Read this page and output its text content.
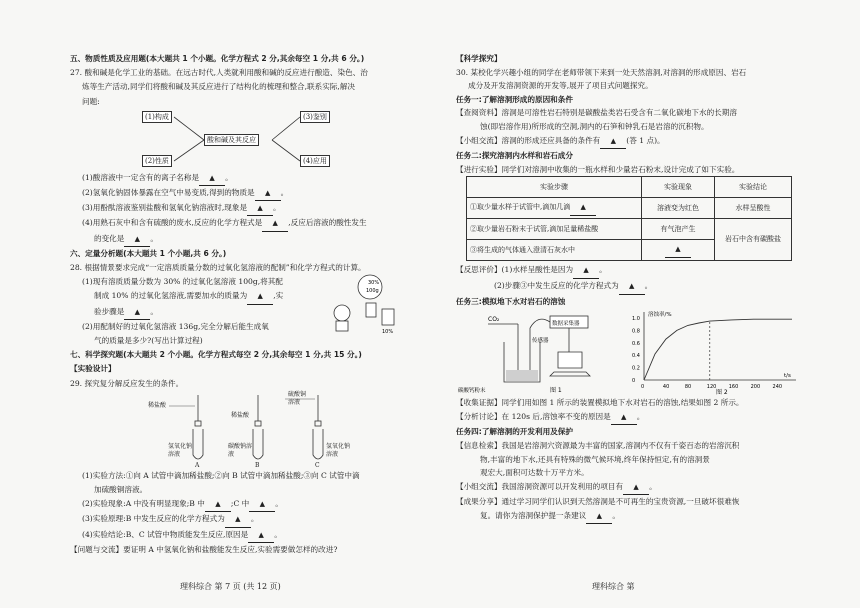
五、物质性质及应用题(本大题共 1 个小题。化学方程式 2 分,其余每空 1 分,共 6 分。)
27. 酸和碱是化学工业的基础。在远古时代,人类就利用酸和碱的反应进行酿造、染色、治
炼等生产活动,同学们将酸和碱及其反应进行了结构化的梳理和整合,联系实际,解决
问题:
(1)构成
(2)性质
酸和碱及其反应
(3)鉴别
(4)应用
(1)酸溶液中一定含有的离子名称是 ▲ 。
(2)氢氧化钠固体暴露在空气中易变质,得到的物质是 ▲ 。
(3)用酚酞溶液鉴别盐酸和氢氧化钠溶液时,现象是 ▲ 。
(4)用熟石灰中和含有硫酸的废水,反应的化学方程式是 ▲ ,反应后溶液的酸性发生
的变化是 ▲ 。
六、定量分析题(本大题共 1 个小题,共 6 分。)
28. 根据情景要求完成“一定溶质质量分数的过氧化氢溶液的配制”和化学方程式的计算。
(1)现有溶质质量分数为 30% 的过氧化氢溶液 100g,将其配
制成 10% 的过氧化氢溶液,需要加水的质量为 ▲ ,实
验步骤是 ▲ 。
(2)用配制好的过氧化氢溶液 136g,完全分解后能生成氧
气的质量是多少?(写出计算过程)
30%
100g
10%
七、科学探究题(本大题共 2 个小题。化学方程式每空 2 分,其余每空 1 分,共 15 分。)
【实验设计】
29. 探究复分解反应发生的条件。
稀盐酸
稀盐酸
硫酸铜溶液
氢氧化钠溶液
碳酸钠溶液
氢氧化钠溶液
A	B	C
(1)实验方法:①向 A 试管中滴加稀盐酸;②向 B 试管中滴加稀盐酸;③向 C 试管中滴
加硫酸铜溶液。
(2)实验现象:A 中没有明显现象;B 中 ▲ ;C 中 ▲ 。
(3)实验原理:B 中发生反应的化学方程式为 ▲ 。
(4)实验结论:B、C 试管中物质能发生反应,原因是 ▲ 。
【问题与交流】要证明 A 中氢氧化钠和盐酸能发生反应,实验需要做怎样的改进?
理科综合 第 7 页 (共 12 页)
【科学探究】
30. 某校化学兴趣小组的同学在老师带领下来到一处天然溶洞,对溶洞的形成原因、岩石
成分及开发溶洞资源的开发等,展开了项目式问题探究。
任务一:了解溶洞形成的原因和条件
【查阅资料】溶洞是可溶性岩石特别是碳酸盐类岩石受含有二氧化碳地下水的长期溶
蚀(即岩溶作用)所形成的空洞,洞内的石笋和钟乳石是岩溶的沉积物。
【小组交流】溶洞的形成还应具备的条件有 ▲ (答 1 点)。
任务二:探究溶洞内水样和岩石成分
【进行实验】同学们对溶洞中收集的一瓶水样和少量岩石粉末,设计完成了如下实验。
实验步骤	实验现象	实验结论
①取少量水样于试管中,滴加几滴 ▲	溶液变为红色	水样呈酸性
②取少量岩石粉末于试管,滴加足量稀盐酸	有气泡产生	岩石中含有碳酸盐
③将生成的气体通入澄清石灰水中	▲	
【反思评价】(1)水样呈酸性是因为 ▲ 。
(2)步骤③中发生反应的化学方程式为 ▲ 。
任务三:模拟地下水对岩石的溶蚀
CO₂
传感器
数据采集器
碳酸钙粉末	图 1	0	40	80	120 160 200 240
0
0.2
0.4
0.6
0.8
1.0
溶蚀率/%
t/s
图 2
【收集证据】同学们用如图 1 所示的装置模拟地下水对岩石的溶蚀,结果如图 2 所示。
【分析讨论】在 120s 后,溶蚀率不变的原因是 ▲ 。
任务四:了解溶洞的开发利用及保护
【信息检索】我国是岩溶洞穴资源最为丰富的国家,溶洞内不仅有千姿百态的岩溶沉积
物,丰富的地下水,还具有特殊的微气候环境,终年保持恒定,有的溶洞景
观宏大,面积可达数十万平方米。
【小组交流】我国溶洞资源可以开发利用的项目有 ▲ 。
【成果分享】通过学习同学们认识到天然溶洞是不可再生的宝贵资源,一旦破坏很难恢
复。请你为溶洞保护提一条建议 ▲ 。
理科综合 第
